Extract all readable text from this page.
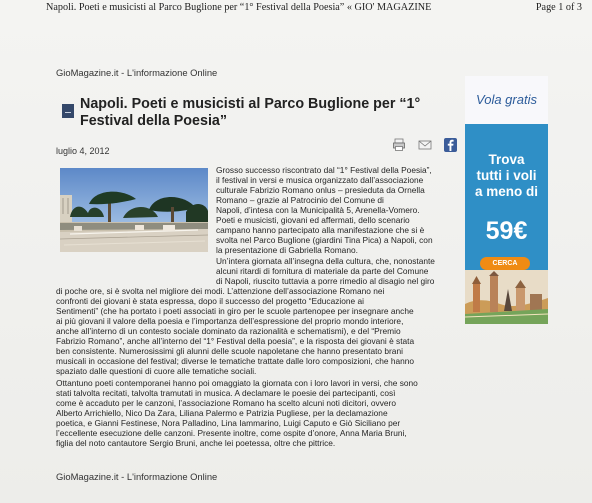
Napoli. Poeti e musicisti al Parco Buglione per “1° Festival della Poesia” « GIO' MAGAZINE	Page 1 of 3
GioMagazine.it - L'informazione Online
Napoli. Poeti e musicisti al Parco Buglione per “1°
Festival della Poesia”
luglio 4, 2012
Grosso successo riscontrato dal “1° Festival della Poesia”,
il festival in versi e musica organizzato dall’associazione
culturale Fabrizio Romano onlus – presieduta da Ornella
Romano – grazie al Patrocinio del Comune di
Napoli, d’intesa con la Municipalità 5, Arenella-Vomero.
Poeti e musicisti, giovani ed affermati, dello scenario
campano hanno partecipato alla manifestazione che si è
svolta nel Parco Buglione (giardini Tina Pica) a Napoli, con
la presentazione di Gabriella Romano.
Un’intera giornata all’insegna della cultura, che, nonostante
alcuni ritardi di fornitura di materiale da parte del Comune
di Napoli, riuscito tuttavia a porre rimedio al disagio nel giro
di poche ore, si è svolta nel migliore dei modi. L’attenzione dell’associazione Romano nei
confronti dei giovani è stata espressa, dopo il successo del progetto “Educazione ai
Sentimenti” (che ha portato i poeti associati in giro per le scuole partenopee per insegnare anche
ai più giovani il valore della poesia e l’importanza dell’espressione del proprio mondo interiore,
anche all’interno di un contesto sociale dominato da razionalità e schematismi), e del “Premio
Fabrizio Romano”, anche all’interno del “1° Festival della poesia”, e la risposta dei giovani è stata
ben consistente. Numerosissimi gli alunni delle scuole napoletane che hanno presentato brani
musicali in occasione del festival; diverse le tematiche trattate dalle loro composizioni, che hanno
spaziato dalle questioni di cuore alle tematiche sociali.
Ottantuno poeti contemporanei hanno poi omaggiato la giornata con i loro lavori in versi, che sono
stati talvolta recitati, talvolta tramutati in musica. A declamare le poesie dei partecipanti, così
come è accaduto per le canzoni, l’associazione Romano ha scelto alcuni noti dicitori, ovvero
Alberto Arrichiello, Nico Da Zara, Liliana Palermo e Patrizia Pugliese, per la declamazione
poetica, e Gianni Festinese, Nora Palladino, Lina Iammarino, Luigi Caputo e Giò Siciliano per
l’eccellente esecuzione delle canzoni. Presente inoltre, come ospite d’onore, Anna Maria Bruni,
figlia del noto cantautore Sergio Bruni, anche lei poetessa, oltre che pittrice.
Vola gratis
Trova
tutti i voli
a meno di
59€
CERCA
GioMagazine.it - L'informazione Online
